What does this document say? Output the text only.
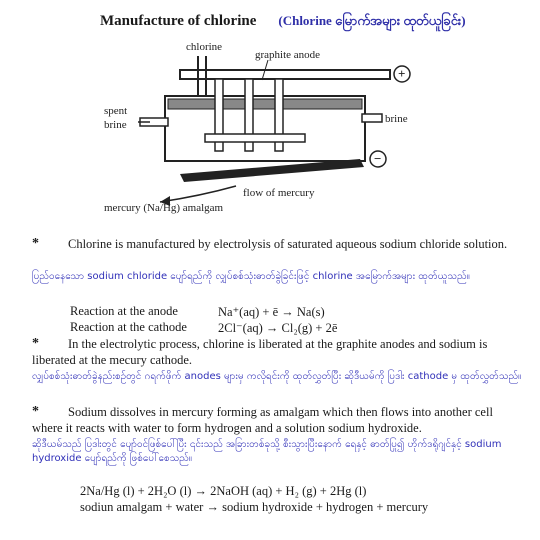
Manufacture of chlorine (Chlorine မြောက်အများ ထုတ်ယူခြင်း)
+
−
chlorine
graphite anode
spent
brine	brine
flow of mercury
mercury (Na/Hg) amalgam
*	Chlorine is manufactured by electrolysis of saturated aqueous sodium chloride solution.
ပြည်ဝနေသော sodium chloride ပျော်ရည်ကို လျှပ်စစ်သုံးဓာတ်ခွဲခြင်းဖြင့် chlorine အမြောက်အများ ထုတ်ယူသည်။
Reaction at the anode	Na⁺(aq) + ē → Na(s)
Reaction at the cathode 2Cl⁻(aq) → Cl₂(g) + 2ē
*	In the electrolytic process, chlorine is liberated at the graphite anodes and sodium is liberated at the mecury cathode.
လျှပ်စစ်သုံးဓာတ်ခွဲနည်းစဉ်တွင် ဂရက်ဖိုက် anodes များမှ ကလိုရင်းကို ထုတ်လွှတ်ပြီး ဆိုဒီယမ်ကို ပြဒါး cathode မှ ထုတ်လွှတ်သည်။
*	Sodium dissolves in mercury forming as amalgam which then flows into another cell where it reacts with water to form hydrogen and a solution sodium hydroxide.
ဆိုဒီယမ်သည် ပြဒါးတွင် ပျော်ဝင်ဖြစ်ပေါ်ပြီး ၎င်းသည် အခြားတစ်ခုသို့ စီးသွားပြီးနောက် ရေနှင့် ဓာတ်ပြု၍ ဟိုက်ဒရိုဂျင်နှင့် sodium hydroxide ပျော်ရည်ကို ဖြစ်ပေါ်စေသည်။
2Na/Hg (l) + 2H₂O (l) → 2NaOH (aq) + H₂ (g) + 2Hg (l)
sodiun amalgam + water → sodium hydroxide + hydrogen + mercury
